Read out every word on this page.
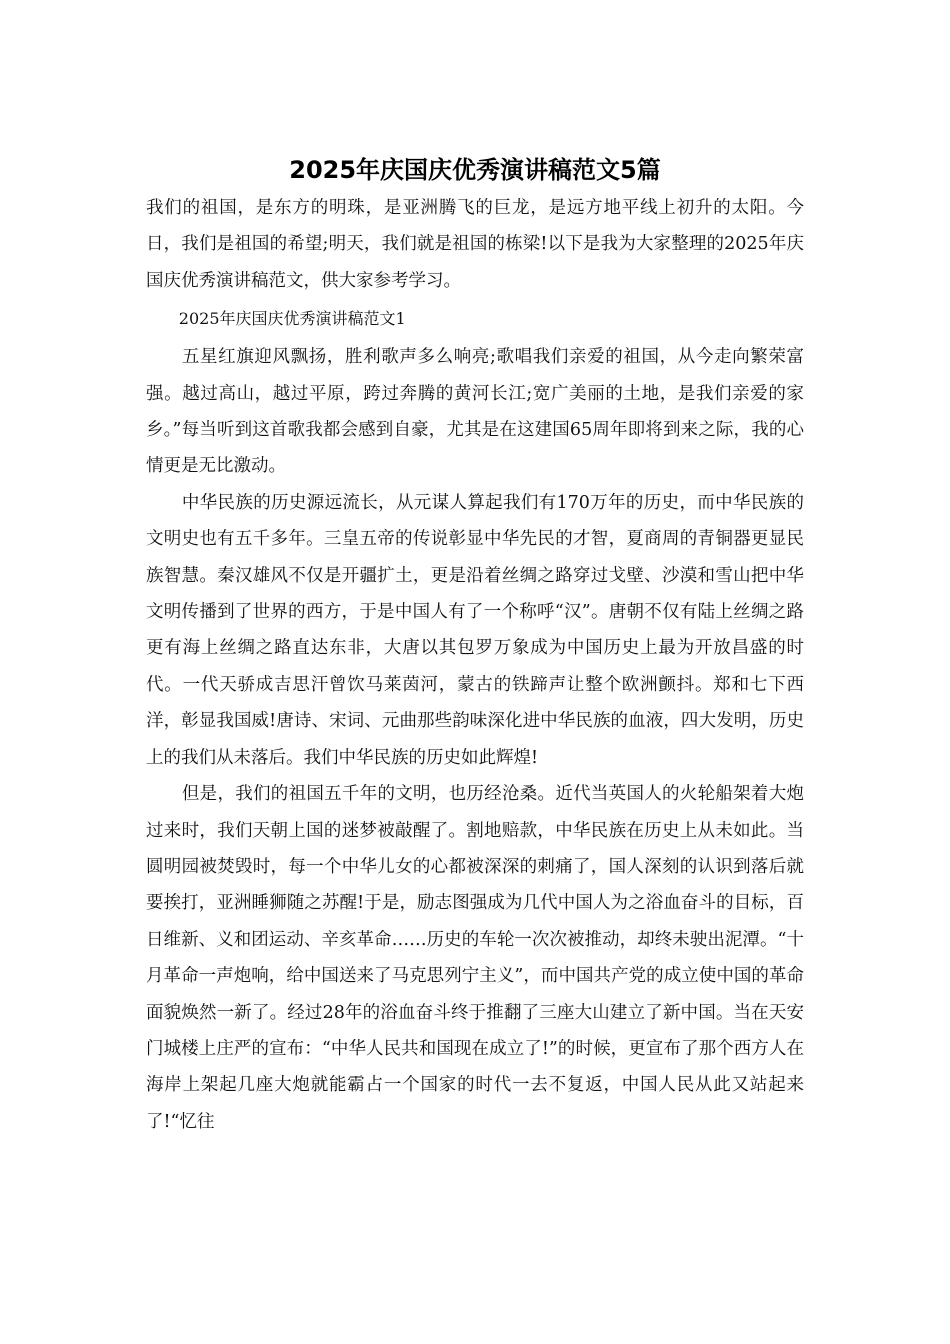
2025年庆国庆优秀演讲稿范文5篇

我们的祖国，是东方的明珠，是亚洲腾飞的巨龙，是远方地平线上初升的太阳。今日，我们是祖国的希望;明天，我们就是祖国的栋梁!以下是我为大家整理的2025年庆国庆优秀演讲稿范文，供大家参考学习。

2025年庆国庆优秀演讲稿范文1

五星红旗迎风飘扬，胜利歌声多么响亮;歌唱我们亲爱的祖国，从今走向繁荣富强。越过高山，越过平原，跨过奔腾的黄河长江;宽广美丽的土地，是我们亲爱的家乡。”每当听到这首歌我都会感到自豪，尤其是在这建国65周年即将到来之际，我的心情更是无比激动。

中华民族的历史源远流长，从元谋人算起我们有170万年的历史，而中华民族的文明史也有五千多年。三皇五帝的传说彰显中华先民的才智，夏商周的青铜器更显民族智慧。秦汉雄风不仅是开疆扩土，更是沿着丝绸之路穿过戈壁、沙漠和雪山把中华文明传播到了世界的西方，于是中国人有了一个称呼“汉”。唐朝不仅有陆上丝绸之路更有海上丝绸之路直达东非，大唐以其包罗万象成为中国历史上最为开放昌盛的时代。一代天骄成吉思汗曾饮马莱茵河，蒙古的铁蹄声让整个欧洲颤抖。郑和七下西洋，彰显我国威!唐诗、宋词、元曲那些韵味深化进中华民族的血液，四大发明，历史上的我们从未落后。我们中华民族的历史如此辉煌!

但是，我们的祖国五千年的文明，也历经沧桑。近代当英国人的火轮船架着大炮过来时，我们天朝上国的迷梦被敲醒了。割地赔款，中华民族在历史上从未如此。当圆明园被焚毁时，每一个中华儿女的心都被深深的刺痛了，国人深刻的认识到落后就要挨打，亚洲睡狮随之苏醒!于是，励志图强成为几代中国人为之浴血奋斗的目标，百日维新、义和团运动、辛亥革命……历史的车轮一次次被推动，却终未驶出泥潭。“十月革命一声炮响，给中国送来了马克思列宁主义”，而中国共产党的成立使中国的革命面貌焕然一新了。经过28年的浴血奋斗终于推翻了三座大山建立了新中国。当在天安门城楼上庄严的宣布：“中华人民共和国现在成立了!”的时候，更宣布了那个西方人在海岸上架起几座大炮就能霸占一个国家的时代一去不复返，中国人民从此又站起来了!“忆往
